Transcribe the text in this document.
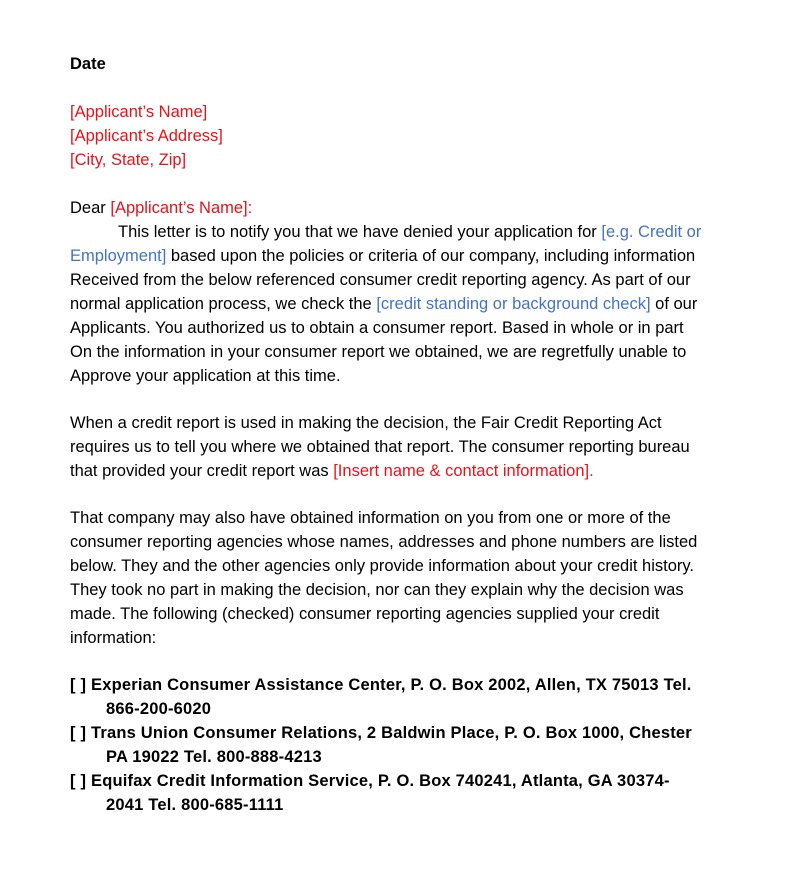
Date
[Applicant’s Name]
[Applicant’s Address]
[City, State, Zip]
Dear [Applicant’s Name]:
This letter is to notify you that we have denied your application for [e.g. Credit or
Employment] based upon the policies or criteria of our company, including information
Received from the below referenced consumer credit reporting agency. As part of our
normal application process, we check the [credit standing or background check] of our
Applicants. You authorized us to obtain a consumer report. Based in whole or in part
On the information in your consumer report we obtained, we are regretfully unable to
Approve your application at this time.
When a credit report is used in making the decision, the Fair Credit Reporting Act
requires us to tell you where we obtained that report. The consumer reporting bureau
that provided your credit report was [Insert name & contact information].
That company may also have obtained information on you from one or more of the
consumer reporting agencies whose names, addresses and phone numbers are listed
below. They and the other agencies only provide information about your credit history.
They took no part in making the decision, nor can they explain why the decision was
made. The following (checked) consumer reporting agencies supplied your credit
information:
[ ] Experian Consumer Assistance Center, P. O. Box 2002, Allen, TX 75013 Tel.
866-200-6020
[ ] Trans Union Consumer Relations, 2 Baldwin Place, P. O. Box 1000, Chester
PA 19022 Tel. 800-888-4213
[ ] Equifax Credit Information Service, P. O. Box 740241, Atlanta, GA 30374-
2041 Tel. 800-685-1111
